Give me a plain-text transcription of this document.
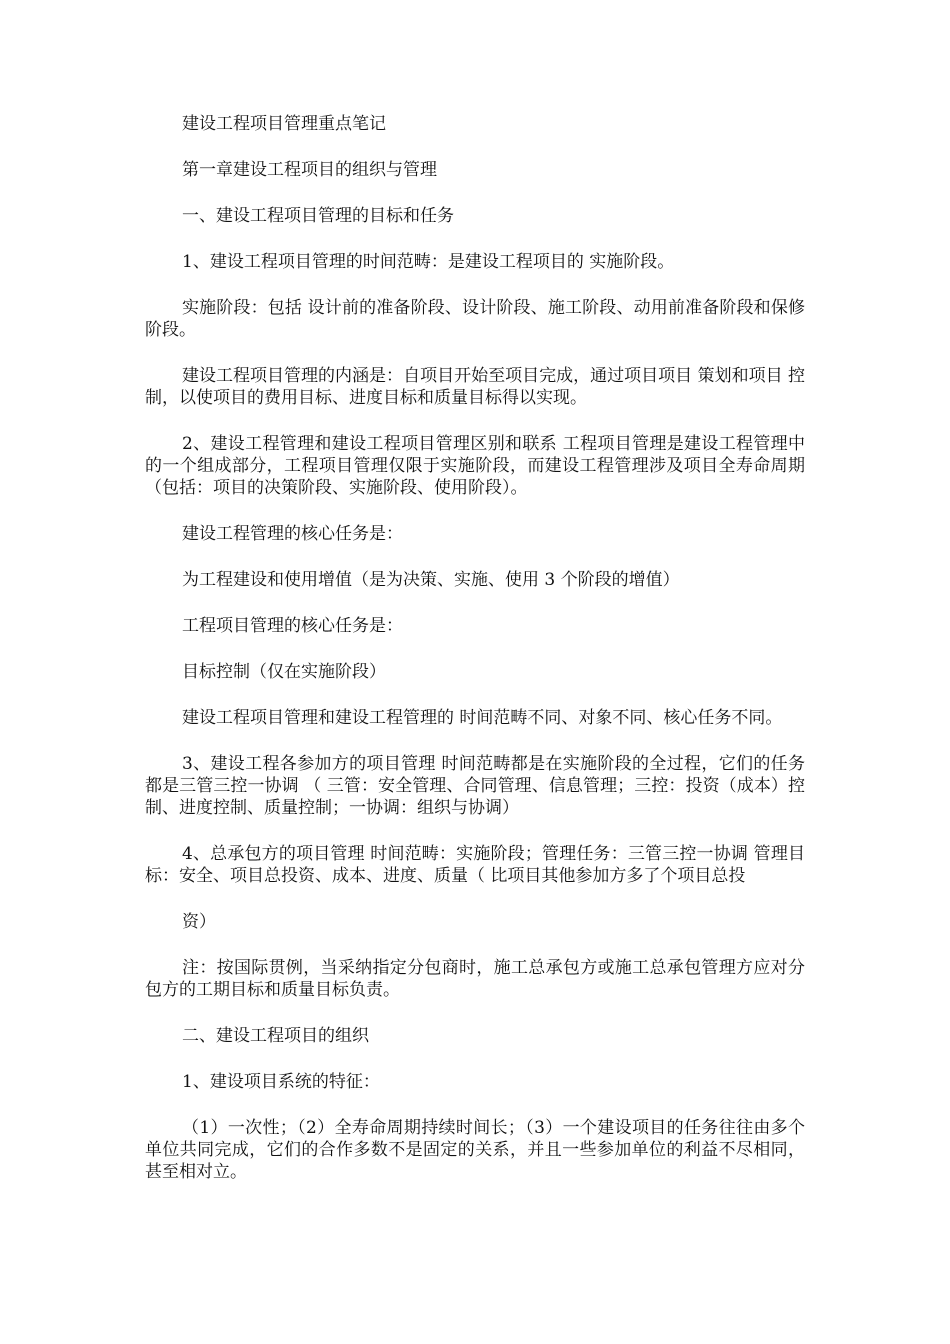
建设工程项目管理重点笔记

第一章建设工程项目的组织与管理

一、建设工程项目管理的目标和任务

1、建设工程项目管理的时间范畴：是建设工程项目的 实施阶段。

实施阶段：包括 设计前的准备阶段、设计阶段、施工阶段、动用前准备阶段和保修阶段。

建设工程项目管理的内涵是：自项目开始至项目完成，通过项目项目 策划和项目 控制，以使项目的费用目标、进度目标和质量目标得以实现。

2、建设工程管理和建设工程项目管理区别和联系 工程项目管理是建设工程管理中的一个组成部分，工程项目管理仅限于实施阶段，而建设工程管理涉及项目全寿命周期（包括：项目的决策阶段、实施阶段、使用阶段）。

建设工程管理的核心任务是：

为工程建设和使用增值（是为决策、实施、使用 3 个阶段的增值）

工程项目管理的核心任务是：

目标控制（仅在实施阶段）

建设工程项目管理和建设工程管理的 时间范畴不同、对象不同、核心任务不同。

3、建设工程各参加方的项目管理 时间范畴都是在实施阶段的全过程，它们的任务都是三管三控一协调 （ 三管：安全管理、合同管理、信息管理；三控：投资（成本）控制、进度控制、质量控制；一协调：组织与协调）

4、总承包方的项目管理 时间范畴：实施阶段；管理任务：三管三控一协调 管理目标：安全、项目总投资、成本、进度、质量（ 比项目其他参加方多了个项目总投

资）

注：按国际贯例，当采纳指定分包商时，施工总承包方或施工总承包管理方应对分包方的工期目标和质量目标负责。

二、建设工程项目的组织

1、建设项目系统的特征：

（1）一次性；（2）全寿命周期持续时间长；（3）一个建设项目的任务往往由多个单位共同完成，它们的合作多数不是固定的关系，并且一些参加单位的利益不尽相同，甚至相对立。
